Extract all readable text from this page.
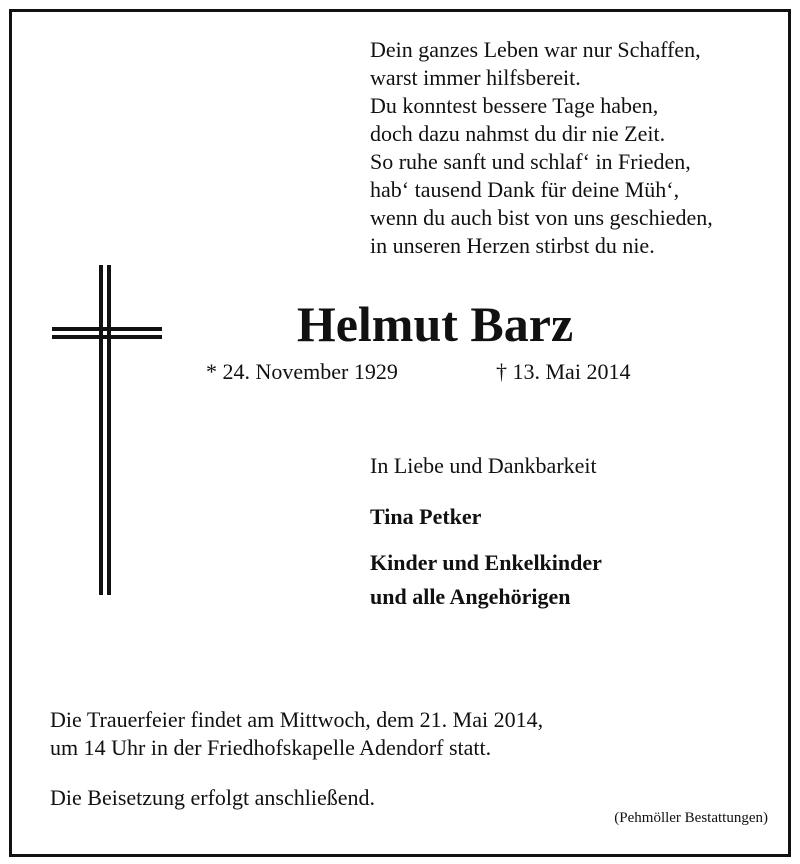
Dein ganzes Leben war nur Schaffen,
warst immer hilfsbereit.
Du konntest bessere Tage haben,
doch dazu nahmst du dir nie Zeit.
So ruhe sanft und schlaf‘ in Frieden,
hab‘ tausend Dank für deine Müh‘,
wenn du auch bist von uns geschieden,
in unseren Herzen stirbst du nie.
Helmut Barz
* 24. November 1929	† 13. Mai 2014
In Liebe und Dankbarkeit
Tina Petker
Kinder und Enkelkinder
und alle Angehörigen
Die Trauerfeier findet am Mittwoch, dem 21. Mai 2014,
um 14 Uhr in der Friedhofskapelle Adendorf statt.
Die Beisetzung erfolgt anschließend.
(Pehmöller Bestattungen)
